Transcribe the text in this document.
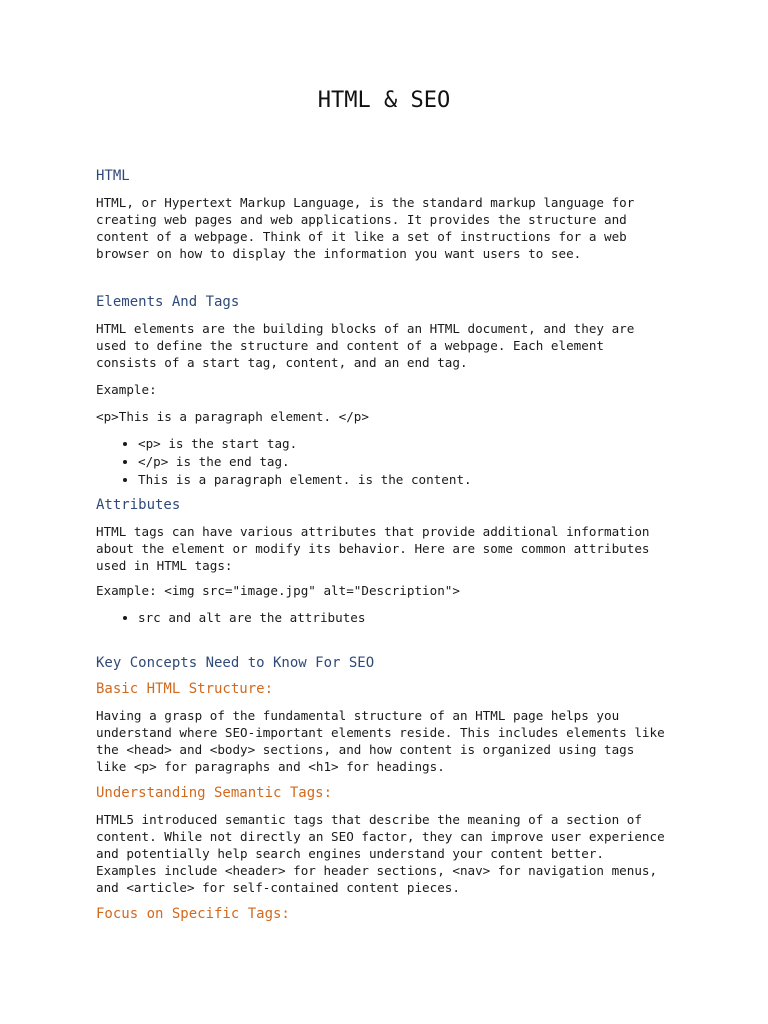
HTML & SEO
HTML

HTML, or Hypertext Markup Language, is the standard markup language for
creating web pages and web applications. It provides the structure and
content of a webpage. Think of it like a set of instructions for a web
browser on how to display the information you want users to see.

Elements And Tags

HTML elements are the building blocks of an HTML document, and they are
used to define the structure and content of a webpage. Each element
consists of a start tag, content, and an end tag.

Example:

<p>This is a paragraph element. </p>

• <p> is the start tag.
• </p> is the end tag.
• This is a paragraph element. is the content.
Attributes

HTML tags can have various attributes that provide additional information
about the element or modify its behavior. Here are some common attributes
used in HTML tags:

Example: <img src="image.jpg" alt="Description">

• src and alt are the attributes
Key Concepts Need to Know For SEO
Basic HTML Structure:

Having a grasp of the fundamental structure of an HTML page helps you
understand where SEO-important elements reside. This includes elements like
the <head> and <body> sections, and how content is organized using tags
like <p> for paragraphs and <h1> for headings.

Understanding Semantic Tags:

HTML5 introduced semantic tags that describe the meaning of a section of
content. While not directly an SEO factor, they can improve user experience
and potentially help search engines understand your content better.
Examples include <header> for header sections, <nav> for navigation menus,
and <article> for self-contained content pieces.

Focus on Specific Tags:
